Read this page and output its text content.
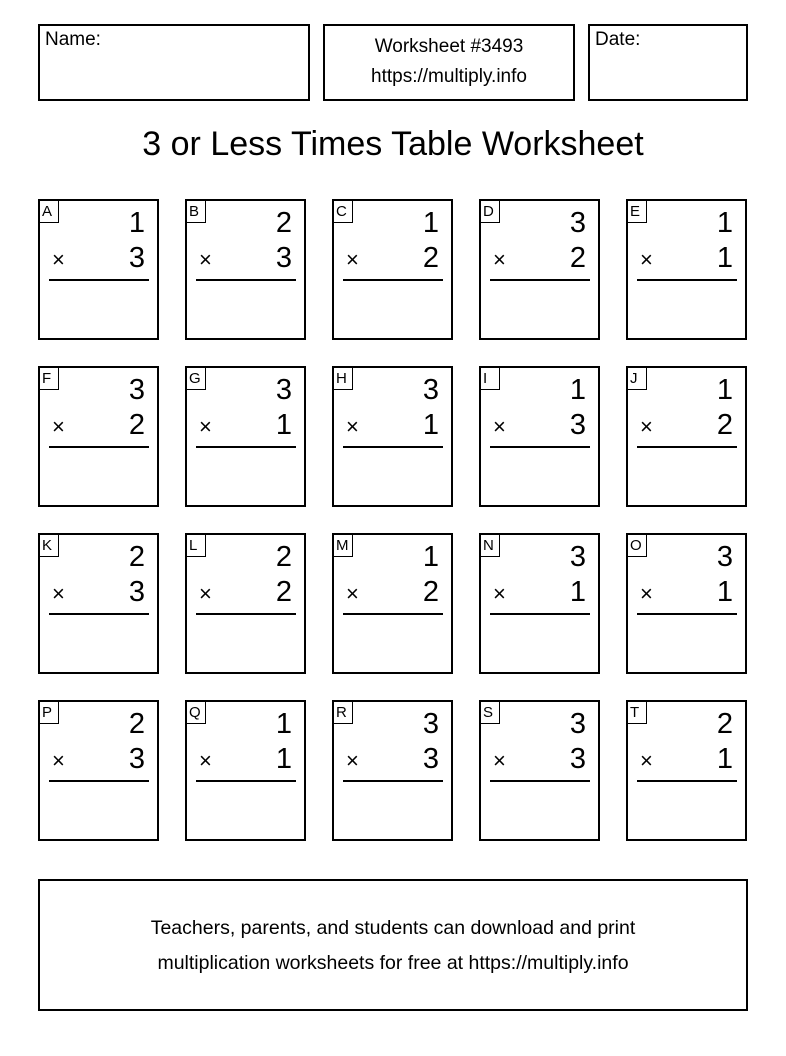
Name:	Worksheet #3493
https://multiply.info
Date:
3 or Less Times Table Worksheet
A	1
× 3
B	2
× 3
C	1
× 2
D	3
× 2
E	1
× 1
F	3
× 2
G	3
× 1
H	3
× 1
I	1
× 3
J	1
× 2
K	2
× 3
L	2
× 2
M	1
× 2
N	3
× 1
O	3
× 1
P	2
× 3
Q	1
× 1
R	3
× 3
S	3
× 3
T	2
× 1
Teachers, parents, and students can download and print
multiplication worksheets for free at https://multiply.info
